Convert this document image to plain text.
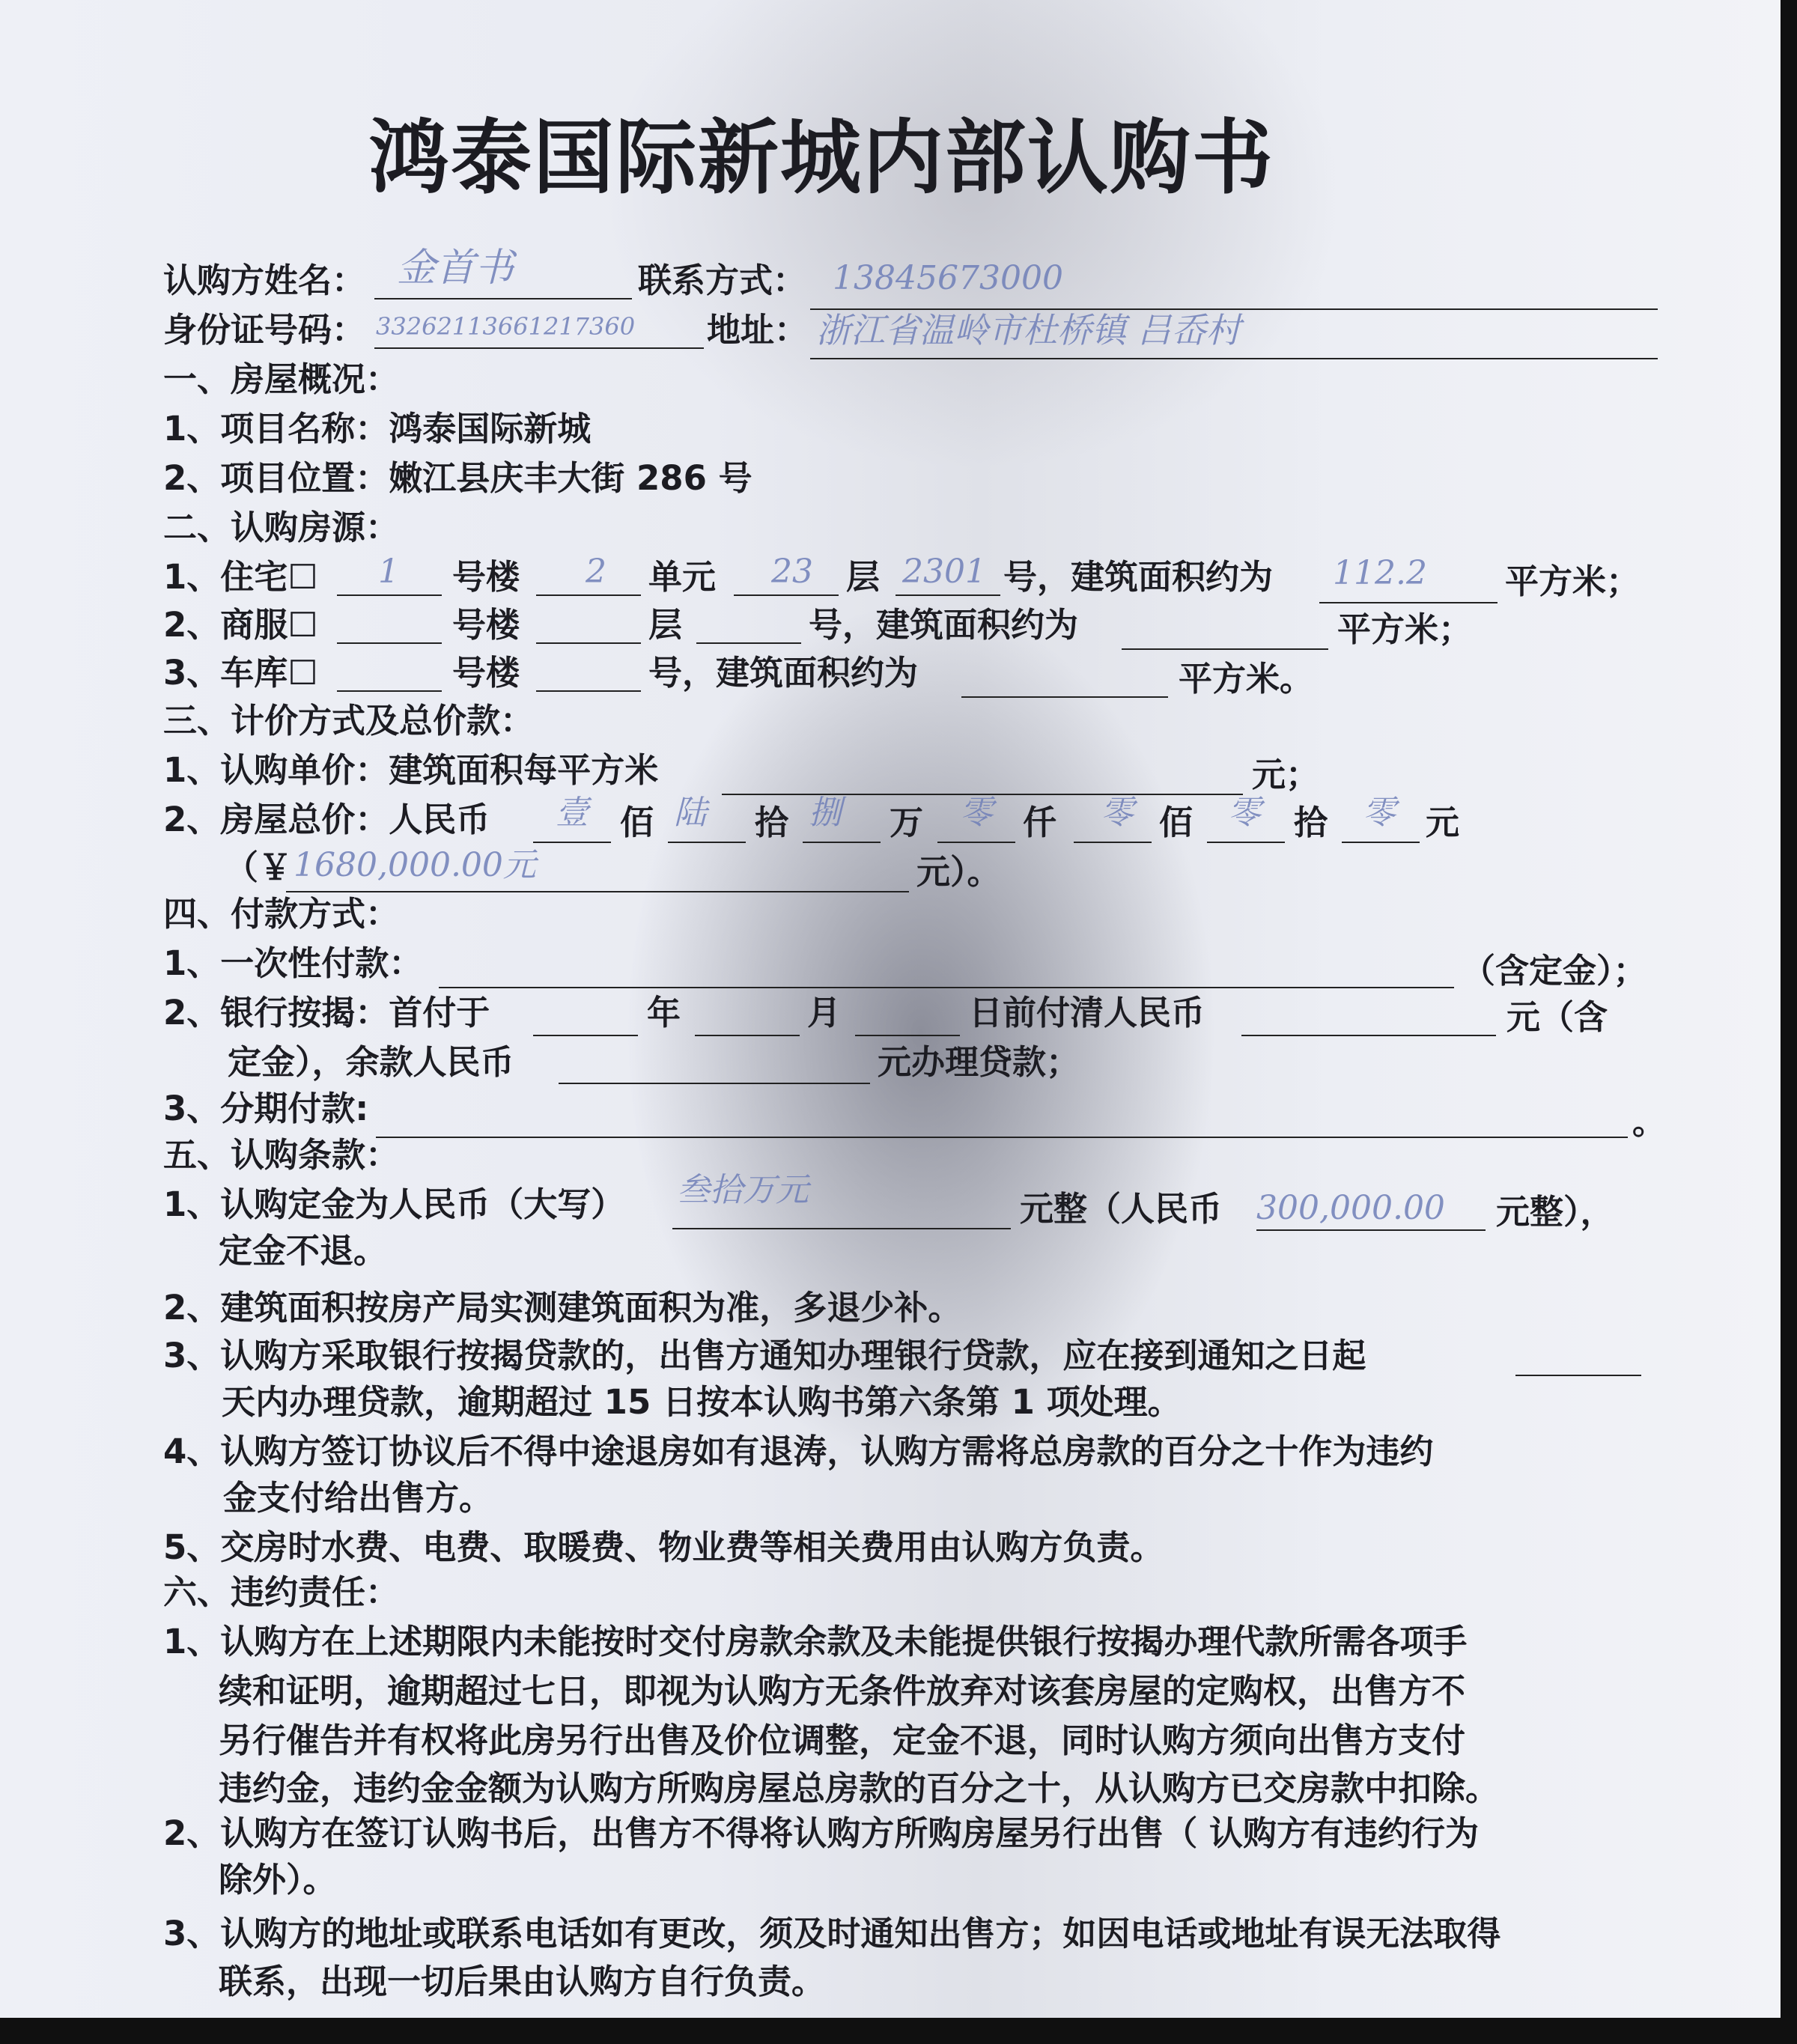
鸿泰国际新城内部认购书
认购方姓名： 金首书	联系方式： 13845673000
身份证号码： 33262113661217360 地址： 浙江省温岭市杜桥镇 吕岙村
一、房屋概况：
1、项目名称：鸿泰国际新城
2、项目位置：嫩江县庆丰大街 286 号
二、认购房源：
1、住宅☐ 1 号楼 2 单元 23 层 2301 号，建筑面积约为 112.2 平方米；
2、商服☐	号楼	层	号，建筑面积约为	平方米；
3、车库☐	号楼	号，建筑面积约为	平方米。
三、计价方式及总价款：
1、认购单价：建筑面积每平方米	元；
2、房屋总价：人民币 壹 佰 陆 拾 捌 万 零 仟 零 佰 零 拾 零 元
（￥ 1680,000.00元	元）。
四、付款方式：
1、一次性付款：	（含定金）；
2、银行按揭：首付于	年	月	日前付清人民币	元（含
定金），余款人民币	元办理贷款；
3、分期付款:	。
五、认购条款：
1、认购定金为人民币（大写） 叁拾万元	元整（人民币 300,000.00 元整），
定金不退。
2、建筑面积按房产局实测建筑面积为准，多退少补。
3、认购方采取银行按揭贷款的，出售方通知办理银行贷款，应在接到通知之日起
天内办理贷款，逾期超过 15 日按本认购书第六条第 1 项处理。
4、认购方签订协议后不得中途退房如有退涛，认购方需将总房款的百分之十作为违约
金支付给出售方。
5、交房时水费、电费、取暖费、物业费等相关费用由认购方负责。
六、违约责任：
1、认购方在上述期限内未能按时交付房款余款及未能提供银行按揭办理代款所需各项手
续和证明，逾期超过七日，即视为认购方无条件放弃对该套房屋的定购权，出售方不
另行催告并有权将此房另行出售及价位调整，定金不退，同时认购方须向出售方支付
违约金，违约金金额为认购方所购房屋总房款的百分之十，从认购方已交房款中扣除。
2、认购方在签订认购书后，出售方不得将认购方所购房屋另行出售（ 认购方有违约行为
除外）。
3、认购方的地址或联系电话如有更改，须及时通知出售方；如因电话或地址有误无法取得
联系，出现一切后果由认购方自行负责。
